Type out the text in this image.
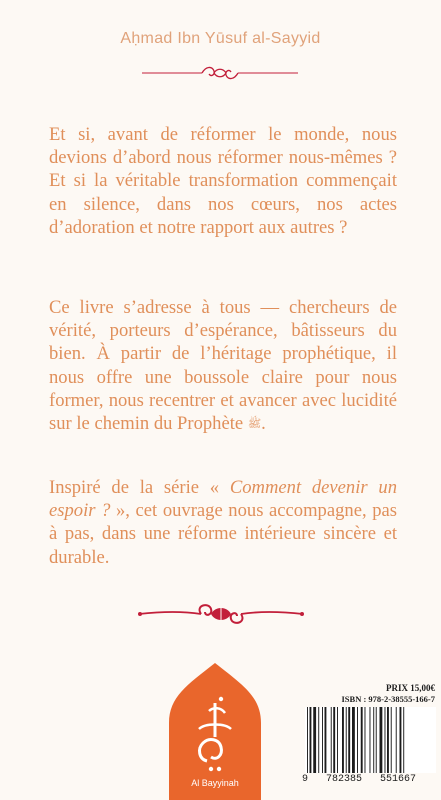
Aḥmad Ibn Yūsuf al-Sayyid

Et si, avant de réformer le monde, nous devions d’abord nous réformer nous-mêmes ? Et si la véritable transformation commençait en silence, dans nos cœurs, nos actes d’adoration et notre rapport aux autres ?

Ce livre s’adresse à tous — chercheurs de vérité, porteurs d’espérance, bâtisseurs du bien. À partir de l’héritage prophétique, il nous offre une boussole claire pour nous former, nous recentrer et avancer avec lucidité sur le chemin du Prophète ﷺ.

Inspiré de la série « Comment devenir un espoir ? », cet ouvrage nous accompagne, pas à pas, dans une réforme intérieure sincère et durable.

Al Bayyinah
PRIX 15,00€
ISBN : 978-2-38555-166-7
9   782385   551667
